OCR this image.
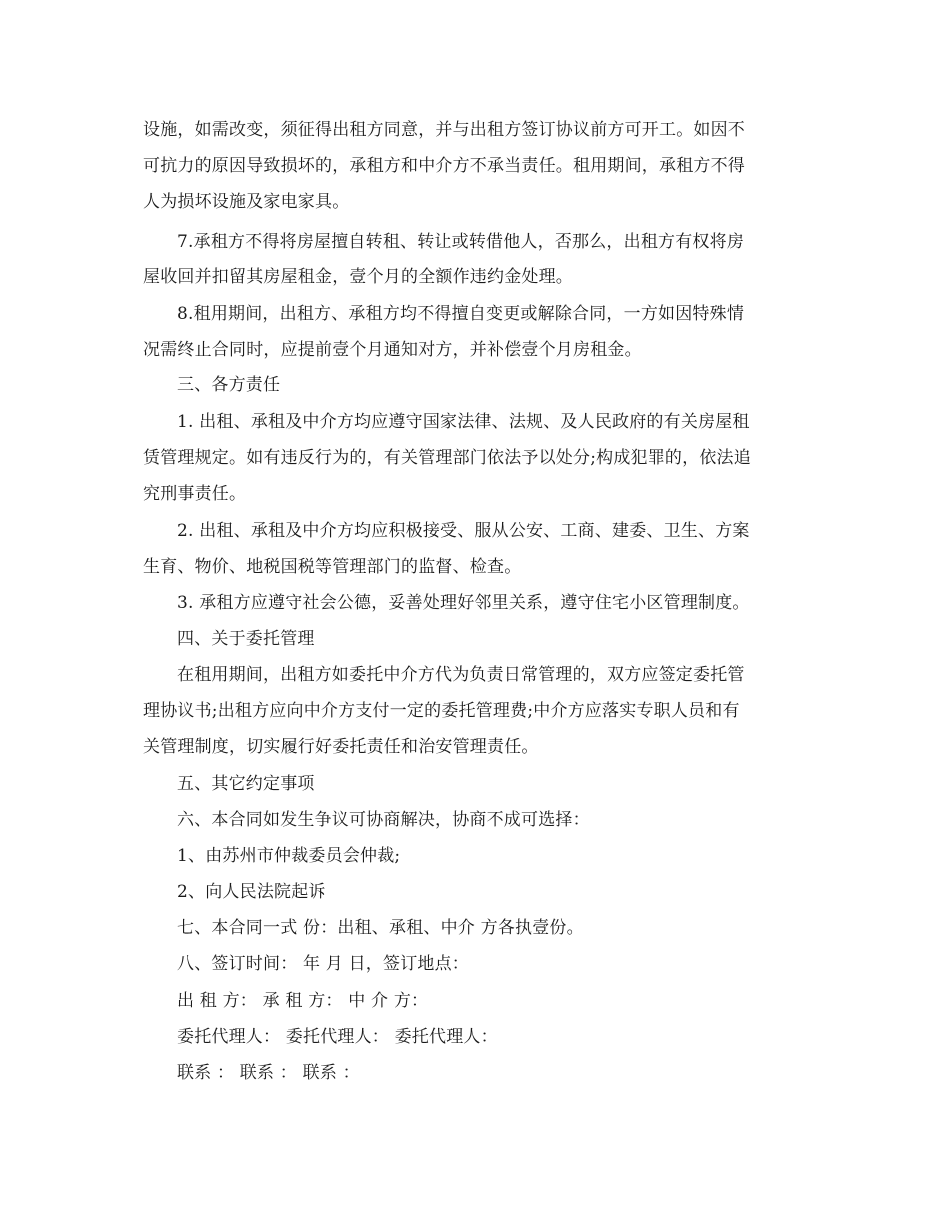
设施，如需改变，须征得出租方同意，并与出租方签订协议前方可开工。如因不
可抗力的原因导致损坏的，承租方和中介方不承当责任。租用期间，承租方不得
人为损坏设施及家电家具。
7.承租方不得将房屋擅自转租、转让或转借他人，否那么，出租方有权将房
屋收回并扣留其房屋租金，壹个月的全额作违约金处理。
8.租用期间，出租方、承租方均不得擅自变更或解除合同，一方如因特殊情
况需终止合同时，应提前壹个月通知对方，并补偿壹个月房租金。
三、各方责任
1. 出租、承租及中介方均应遵守国家法律、法规、及人民政府的有关房屋租
赁管理规定。如有违反行为的，有关管理部门依法予以处分;构成犯罪的，依法追
究刑事责任。
2. 出租、承租及中介方均应积极接受、服从公安、工商、建委、卫生、方案
生育、物价、地税国税等管理部门的监督、检查。
3. 承租方应遵守社会公德，妥善处理好邻里关系，遵守住宅小区管理制度。
四、关于委托管理
在租用期间，出租方如委托中介方代为负责日常管理的，双方应签定委托管
理协议书;出租方应向中介方支付一定的委托管理费;中介方应落实专职人员和有
关管理制度，切实履行好委托责任和治安管理责任。
五、其它约定事项
六、本合同如发生争议可协商解决，协商不成可选择：
1、由苏州市仲裁委员会仲裁;
2、向人民法院起诉
七、本合同一式 份：出租、承租、中介 方各执壹份。
八、签订时间： 年 月 日，签订地点：
出 租 方： 承 租 方： 中 介 方：
委托代理人： 委托代理人： 委托代理人：
联系 ： 联系 ： 联系 ：
